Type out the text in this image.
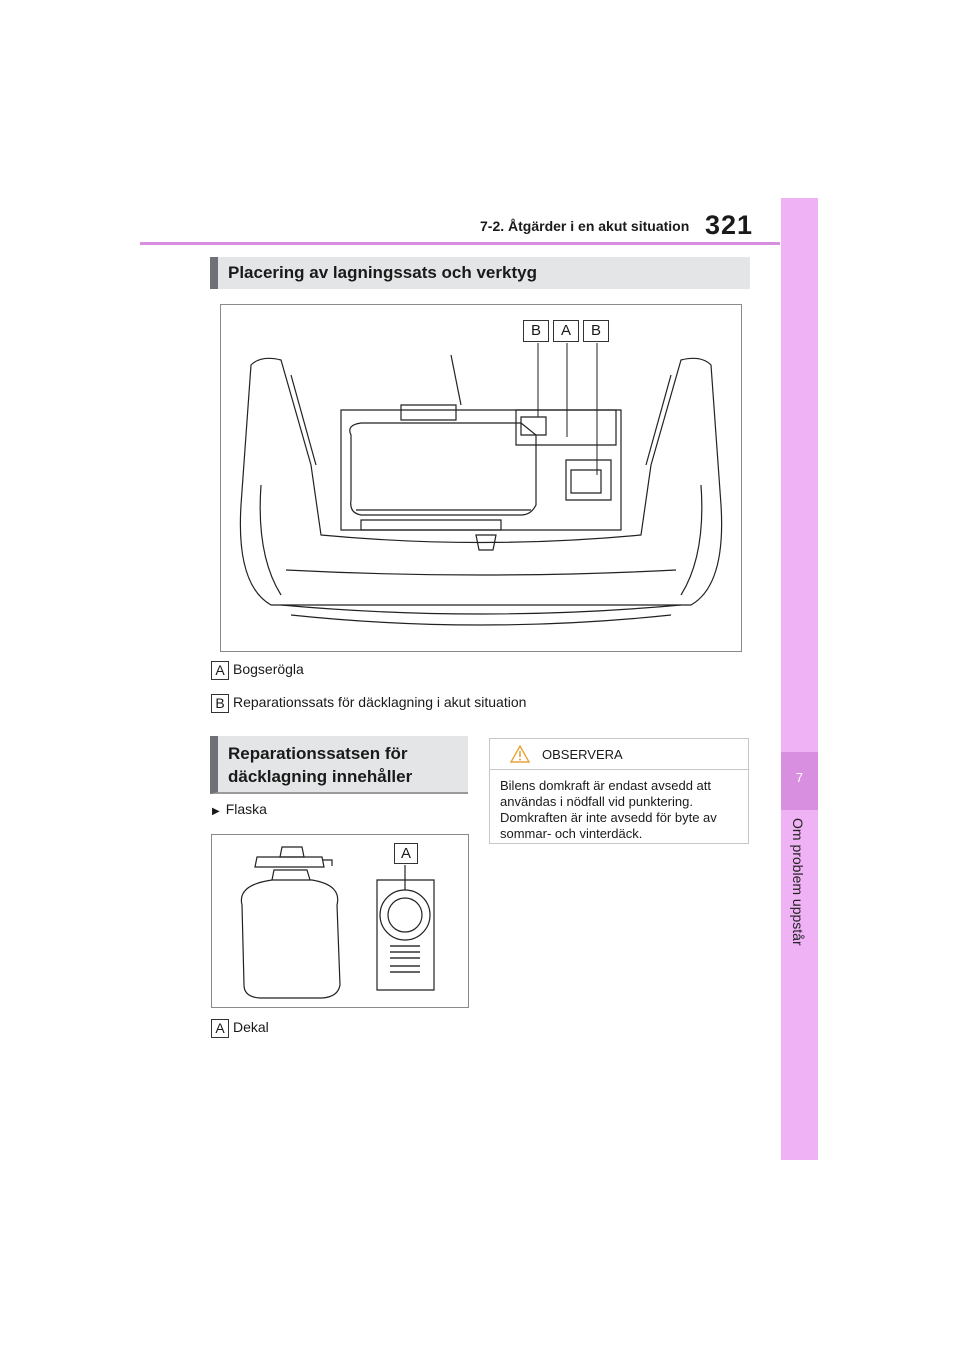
7-2. Åtgärder i en akut situation 321
7
Om problem uppstår
Placering av lagningssats och verktyg
B	A	B
A Bogserögla
B Reparationssats för däcklagning i akut situation
Reparationssatsen för
däcklagning innehåller
▶ Flaska
A
A Dekal
OBSERVERA
Bilens domkraft är endast avsedd att användas i nödfall vid punktering. Domkraften är inte avsedd för byte av sommar- och vinterdäck.
